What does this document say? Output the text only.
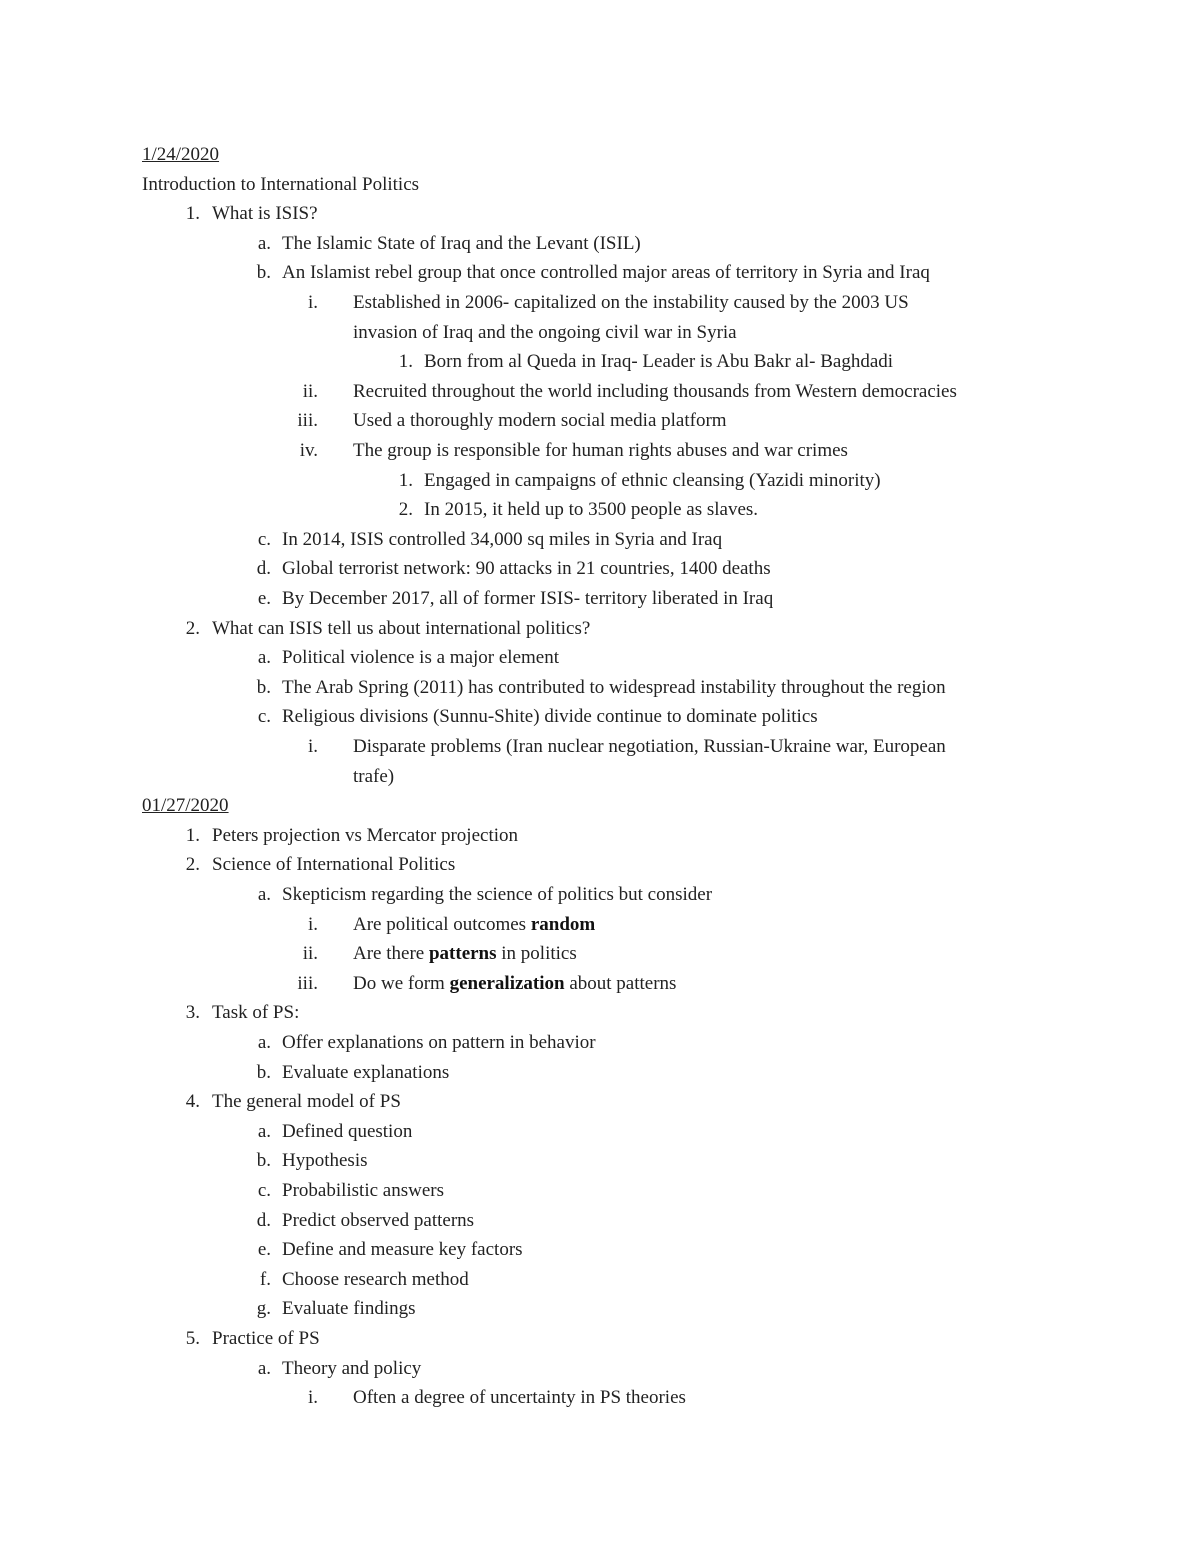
1/24/2020
Introduction to International Politics
1. What is ISIS?
a. The Islamic State of Iraq and the Levant (ISIL)
b. An Islamist rebel group that once controlled major areas of territory in Syria and Iraq
i. Established in 2006- capitalized on the instability caused by the 2003 US
invasion of Iraq and the ongoing civil war in Syria
1. Born from al Queda in Iraq- Leader is Abu Bakr al- Baghdadi
ii. Recruited throughout the world including thousands from Western democracies
iii. Used a thoroughly modern social media platform
iv. The group is responsible for human rights abuses and war crimes
1. Engaged in campaigns of ethnic cleansing (Yazidi minority)
2. In 2015, it held up to 3500 people as slaves.
c. In 2014, ISIS controlled 34,000 sq miles in Syria and Iraq
d. Global terrorist network: 90 attacks in 21 countries, 1400 deaths
e. By December 2017, all of former ISIS- territory liberated in Iraq
2. What can ISIS tell us about international politics?
a. Political violence is a major element
b. The Arab Spring (2011) has contributed to widespread instability throughout the region
c. Religious divisions (Sunnu-Shite) divide continue to dominate politics
i. Disparate problems (Iran nuclear negotiation, Russian-Ukraine war, European
trafe)
01/27/2020
1. Peters projection vs Mercator projection
2. Science of International Politics
a. Skepticism regarding the science of politics but consider
i. Are political outcomes random
ii. Are there patterns in politics
iii. Do we form generalization about patterns
3. Task of PS:
a. Offer explanations on pattern in behavior
b. Evaluate explanations
4. The general model of PS
a. Defined question
b. Hypothesis
c. Probabilistic answers
d. Predict observed patterns
e. Define and measure key factors
f. Choose research method
g. Evaluate findings
5. Practice of PS
a. Theory and policy
i. Often a degree of uncertainty in PS theories
